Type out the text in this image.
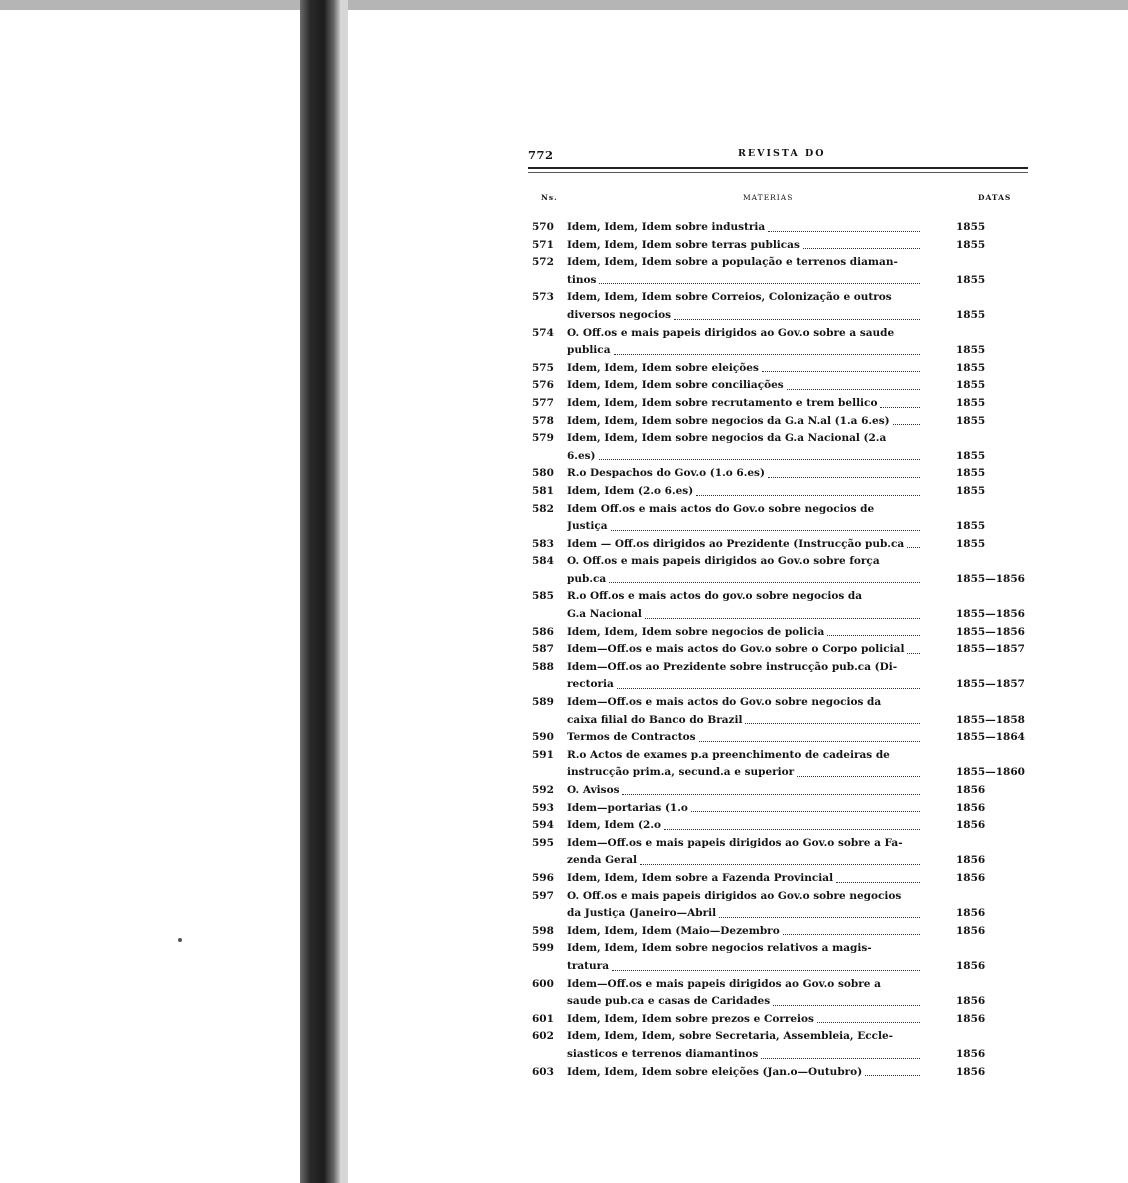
772	REVISTA DO
Ns.	MATERIAS	DATAS
570	Idem, Idem, Idem sobre industria	1855
571	Idem, Idem, Idem sobre terras publicas	1855
572	Idem, Idem, Idem sobre a população e terrenos diaman-
tinos	1855
573	Idem, Idem, Idem sobre Correios, Colonização e outros
diversos negocios	1855
574	O. Off.os e mais papeis dirigidos ao Gov.o sobre a saude
publica	1855
575	Idem, Idem, Idem sobre eleições	1855
576	Idem, Idem, Idem sobre conciliações	1855
577	Idem, Idem, Idem sobre recrutamento e trem bellico	1855
578	Idem, Idem, Idem sobre negocios da G.a N.al (1.a 6.es)	1855
579	Idem, Idem, Idem sobre negocios da G.a Nacional (2.a
6.es)	1855
580	R.o Despachos do Gov.o (1.o 6.es)	1855
581	Idem, Idem (2.o 6.es)	1855
582	Idem Off.os e mais actos do Gov.o sobre negocios de
Justiça	1855
583	Idem — Off.os dirigidos ao Prezidente (Instrucção pub.ca	1855
584	O. Off.os e mais papeis dirigidos ao Gov.o sobre força
pub.ca	1855—1856
585	R.o Off.os e mais actos do gov.o sobre negocios da
G.a Nacional	1855—1856
586	Idem, Idem, Idem sobre negocios de policia	1855—1856
587	Idem—Off.os e mais actos do Gov.o sobre o Corpo policial	1855—1857
588	Idem—Off.os ao Prezidente sobre instrucção pub.ca (Di-
rectoria	1855—1857
589	Idem—Off.os e mais actos do Gov.o sobre negocios da
caixa filial do Banco do Brazil	1855—1858
590	Termos de Contractos	1855—1864
591	R.o Actos de exames p.a preenchimento de cadeiras de
instrucção prim.a, secund.a e superior	1855—1860
592	O. Avisos	1856
593	Idem—portarias (1.o	1856
594	Idem, Idem (2.o	1856
595	Idem—Off.os e mais papeis dirigidos ao Gov.o sobre a Fa-
zenda Geral	1856
596	Idem, Idem, Idem sobre a Fazenda Provincial	1856
597	O. Off.os e mais papeis dirigidos ao Gov.o sobre negocios
da Justiça (Janeiro—Abril	1856
598	Idem, Idem, Idem (Maio—Dezembro	1856
599	Idem, Idem, Idem sobre negocios relativos a magis-
tratura	1856
600	Idem—Off.os e mais papeis dirigidos ao Gov.o sobre a
saude pub.ca e casas de Caridades	1856
601	Idem, Idem, Idem sobre prezos e Correios	1856
602	Idem, Idem, Idem, sobre Secretaria, Assembleia, Eccle-
siasticos e terrenos diamantinos	1856
603	Idem, Idem, Idem sobre eleições (Jan.o—Outubro)	1856
